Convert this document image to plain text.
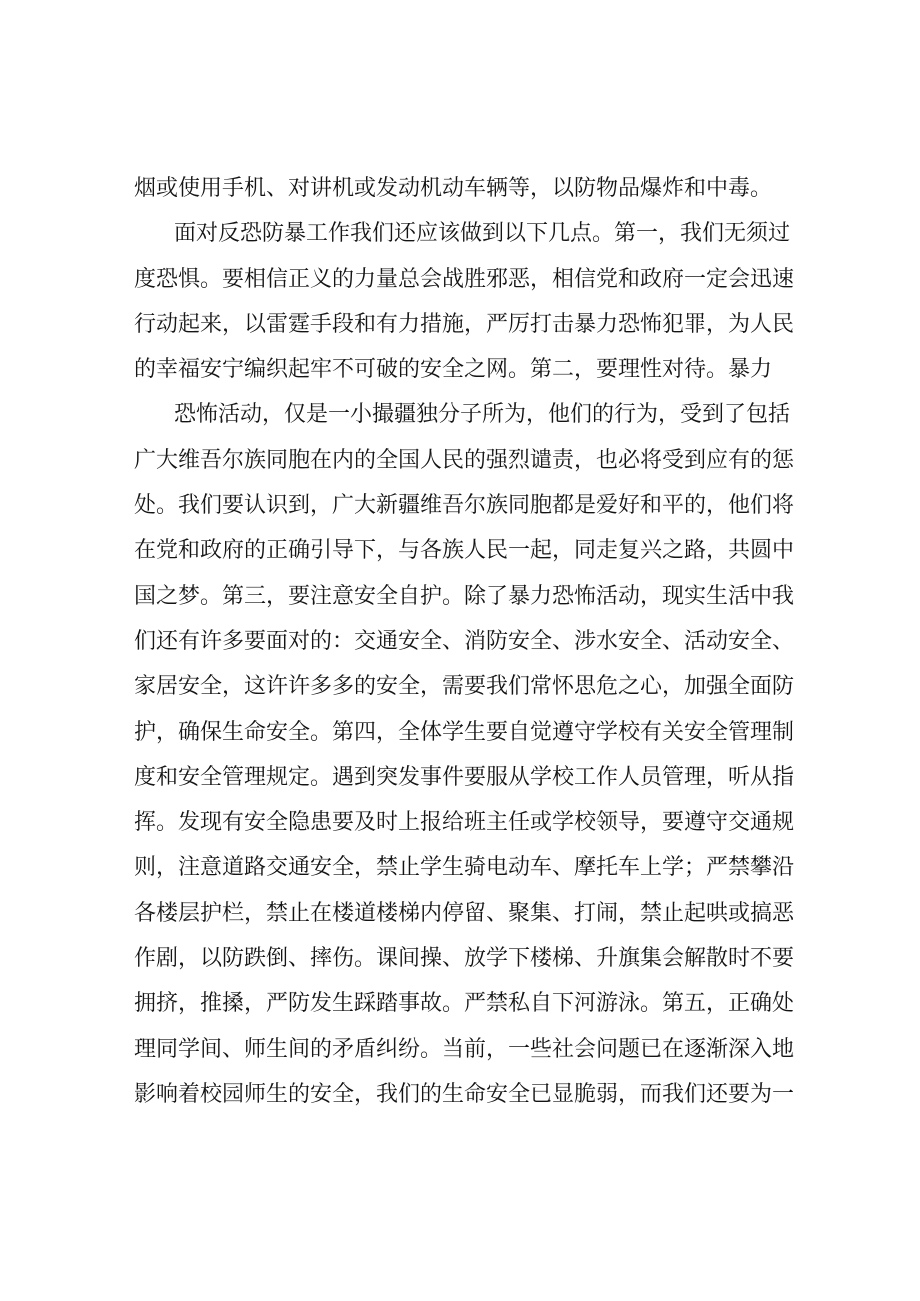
烟或使用手机、对讲机或发动机动车辆等，以防物品爆炸和中毒。
面对反恐防暴工作我们还应该做到以下几点。第一，我们无须过
度恐惧。要相信正义的力量总会战胜邪恶，相信党和政府一定会迅速
行动起来，以雷霆手段和有力措施，严厉打击暴力恐怖犯罪，为人民
的幸福安宁编织起牢不可破的安全之网。第二，要理性对待。暴力
恐怖活动，仅是一小撮疆独分子所为，他们的行为，受到了包括
广大维吾尔族同胞在内的全国人民的强烈谴责，也必将受到应有的惩
处。我们要认识到，广大新疆维吾尔族同胞都是爱好和平的，他们将
在党和政府的正确引导下，与各族人民一起，同走复兴之路，共圆中
国之梦。第三，要注意安全自护。除了暴力恐怖活动，现实生活中我
们还有许多要面对的：交通安全、消防安全、涉水安全、活动安全、
家居安全，这许许多多的安全，需要我们常怀思危之心，加强全面防
护，确保生命安全。第四，全体学生要自觉遵守学校有关安全管理制
度和安全管理规定。遇到突发事件要服从学校工作人员管理，听从指
挥。发现有安全隐患要及时上报给班主任或学校领导，要遵守交通规
则，注意道路交通安全，禁止学生骑电动车、摩托车上学；严禁攀沿
各楼层护栏，禁止在楼道楼梯内停留、聚集、打闹，禁止起哄或搞恶
作剧，以防跌倒、摔伤。课间操、放学下楼梯、升旗集会解散时不要
拥挤，推搡，严防发生踩踏事故。严禁私自下河游泳。第五，正确处
理同学间、师生间的矛盾纠纷。当前，一些社会问题已在逐渐深入地
影响着校园师生的安全，我们的生命安全已显脆弱，而我们还要为一
